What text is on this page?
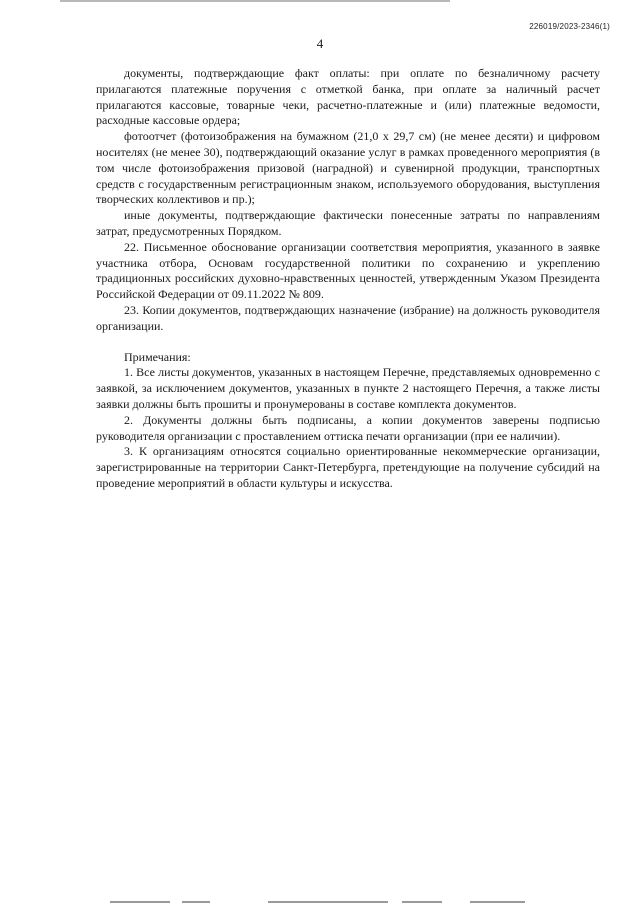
226019/2023-2346(1)
4

документы, подтверждающие факт оплаты: при оплате по безналичному расчету прилагаются платежные поручения с отметкой банка, при оплате за наличный расчет прилагаются кассовые, товарные чеки, расчетно-платежные и (или) платежные ведомости, расходные кассовые ордера;

фотоотчет (фотоизображения на бумажном (21,0 x 29,7 см) (не менее десяти) и цифровом носителях (не менее 30), подтверждающий оказание услуг в рамках проведенного мероприятия (в том числе фотоизображения призовой (наградной) и сувенирной продукции, транспортных средств с государственным регистрационным знаком, используемого оборудования, выступления творческих коллективов и пр.);

иные документы, подтверждающие фактически понесенные затраты по направлениям затрат, предусмотренных Порядком.

22. Письменное обоснование организации соответствия мероприятия, указанного в заявке участника отбора, Основам государственной политики по сохранению и укреплению традиционных российских духовно-нравственных ценностей, утвержденным Указом Президента Российской Федерации от 09.11.2022 № 809.

23. Копии документов, подтверждающих назначение (избрание) на должность руководителя организации.

Примечания:

1. Все листы документов, указанных в настоящем Перечне, представляемых одновременно с заявкой, за исключением документов, указанных в пункте 2 настоящего Перечня, а также листы заявки должны быть прошиты и пронумерованы в составе комплекта документов.

2. Документы должны быть подписаны, а копии документов заверены подписью руководителя организации с проставлением оттиска печати организации (при ее наличии).

3. К организациям относятся социально ориентированные некоммерческие организации, зарегистрированные на территории Санкт-Петербурга, претендующие на получение субсидий на проведение мероприятий в области культуры и искусства.
